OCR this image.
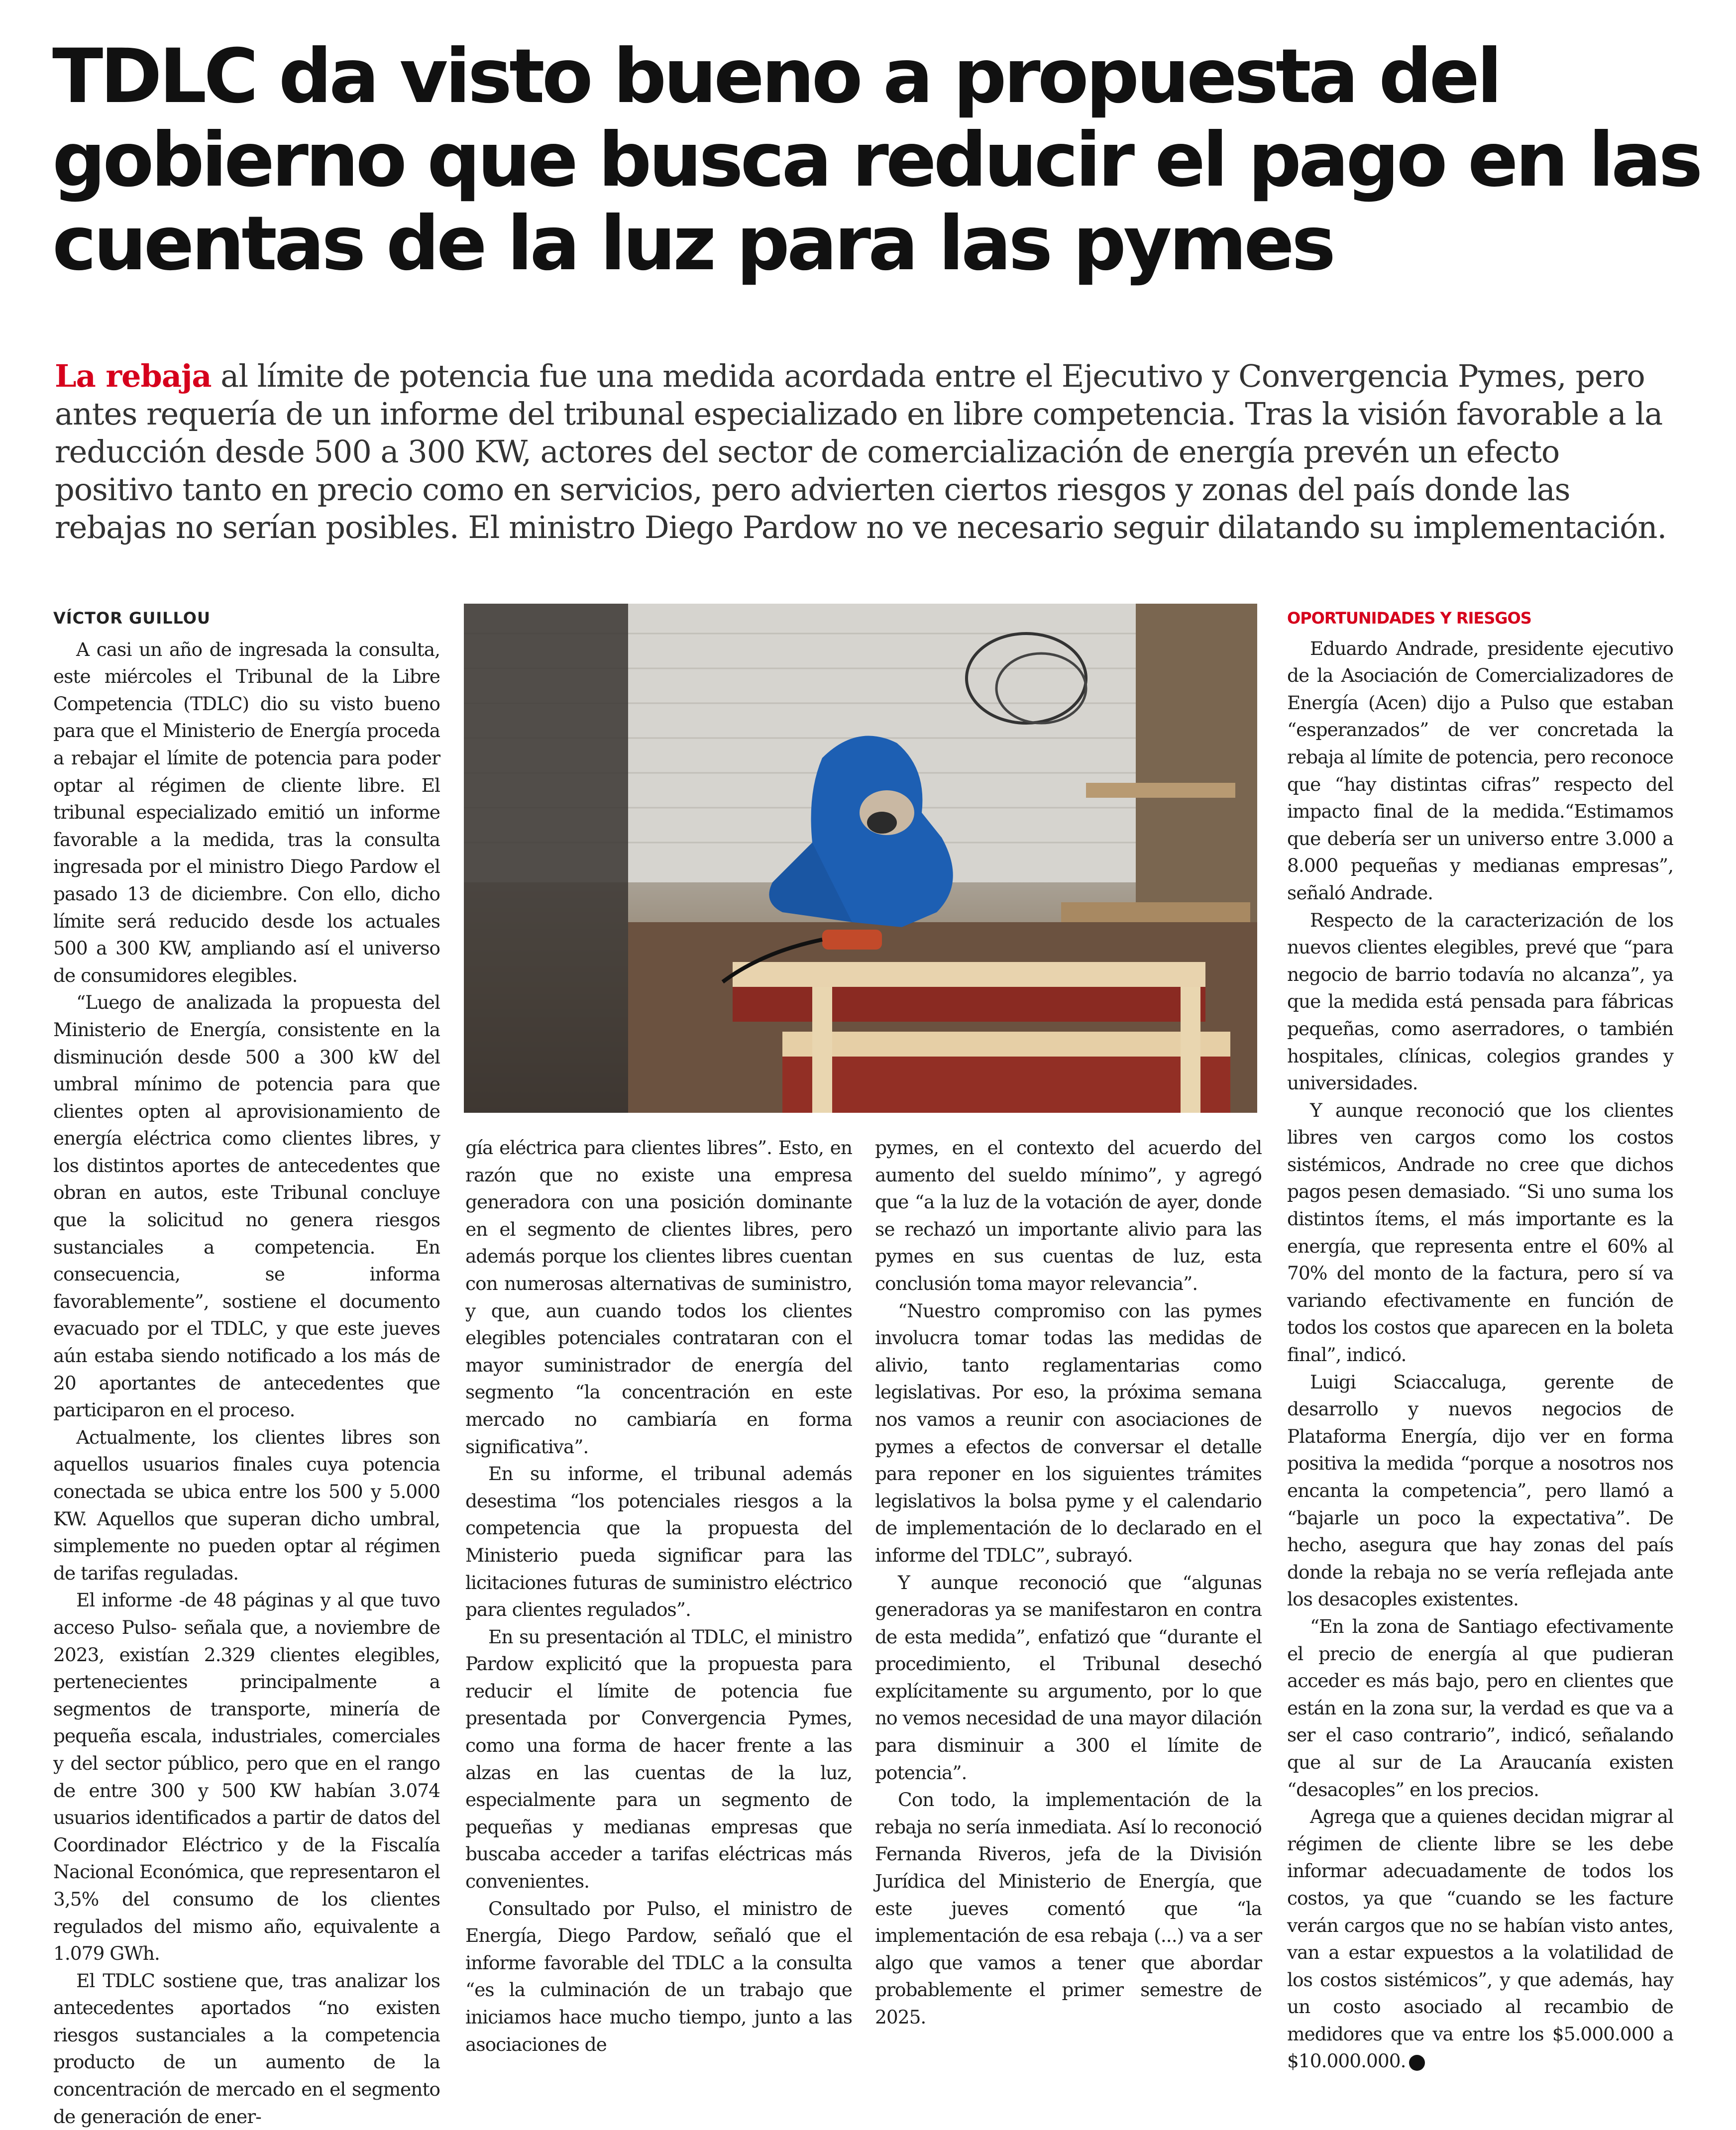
TDLC da visto bueno a propuesta del
gobierno que busca reducir el pago en las
cuentas de la luz para las pymes
La rebaja al límite de potencia fue una medida acordada entre el Ejecutivo y Convergencia Pymes, pero antes requería de un informe del tribunal especializado en libre competencia. Tras la visión favorable a la reducción desde 500 a 300 KW, actores del sector de comercialización de energía prevén un efecto positivo tanto en precio como en servicios, pero advierten ciertos riesgos y zonas del país donde las rebajas no serían posibles. El ministro Diego Pardow no ve necesario seguir dilatando su implementación.
VÍCTOR GUILLOU

A casi un año de ingresada la consulta, este miércoles el Tribunal de la Libre Competencia (TDLC) dio su visto bueno para que el Ministerio de Energía proceda a rebajar el límite de potencia para poder optar al régimen de cliente libre. El tribunal especializado emitió un informe favorable a la medida, tras la consulta ingresada por el ministro Diego Pardow el pasado 13 de diciembre. Con ello, dicho límite será reducido desde los actuales 500 a 300 KW, ampliando así el universo de consumidores elegibles.

“Luego de analizada la propuesta del Ministerio de Energía, consistente en la disminución desde 500 a 300 kW del umbral mínimo de potencia para que clientes opten al aprovisionamiento de energía eléctrica como clientes libres, y los distintos aportes de antecedentes que obran en autos, este Tribunal concluye que la solicitud no genera riesgos sustanciales a competencia. En consecuencia, se informa favorablemente”, sostiene el documento evacuado por el TDLC, y que este jueves aún estaba siendo notificado a los más de 20 aportantes de antecedentes que participaron en el proceso.

Actualmente, los clientes libres son aquellos usuarios finales cuya potencia conectada se ubica entre los 500 y 5.000 KW. Aquellos que superan dicho umbral, simplemente no pueden optar al régimen de tarifas reguladas.

El informe -de 48 páginas y al que tuvo acceso Pulso- señala que, a noviembre de 2023, existían 2.329 clientes elegibles, pertenecientes principalmente a segmentos de transporte, minería de pequeña escala, industriales, comerciales y del sector público, pero que en el rango de entre 300 y 500 KW habían 3.074 usuarios identificados a partir de datos del Coordinador Eléctrico y de la Fiscalía Nacional Económica, que representaron el 3,5% del consumo de los clientes regulados del mismo año, equivalente a 1.079 GWh.

El TDLC sostiene que, tras analizar los antecedentes aportados “no existen riesgos sustanciales a la competencia producto de un aumento de la concentración de mercado en el segmento de generación de ener-

gía eléctrica para clientes libres”. Esto, en razón que no existe una empresa generadora con una posición dominante en el segmento de clientes libres, pero además porque los clientes libres cuentan con numerosas alternativas de suministro, y que, aun cuando todos los clientes elegibles potenciales contrataran con el mayor suministrador de energía del segmento “la concentración en este mercado no cambiaría en forma significativa”.

En su informe, el tribunal además desestima “los potenciales riesgos a la competencia que la propuesta del Ministerio pueda significar para las licitaciones futuras de suministro eléctrico para clientes regulados”.

En su presentación al TDLC, el ministro Pardow explicitó que la propuesta para reducir el límite de potencia fue presentada por Convergencia Pymes, como una forma de hacer frente a las alzas en las cuentas de la luz, especialmente para un segmento de pequeñas y medianas empresas que buscaba acceder a tarifas eléctricas más convenientes.

Consultado por Pulso, el ministro de Energía, Diego Pardow, señaló que el informe favorable del TDLC a la consulta “es la culminación de un trabajo que iniciamos hace mucho tiempo, junto a las asociaciones de

pymes, en el contexto del acuerdo del aumento del sueldo mínimo”, y agregó que “a la luz de la votación de ayer, donde se rechazó un importante alivio para las pymes en sus cuentas de luz, esta conclusión toma mayor relevancia”.

“Nuestro compromiso con las pymes involucra tomar todas las medidas de alivio, tanto reglamentarias como legislativas. Por eso, la próxima semana nos vamos a reunir con asociaciones de pymes a efectos de conversar el detalle para reponer en los siguientes trámites legislativos la bolsa pyme y el calendario de implementación de lo declarado en el informe del TDLC”, subrayó.

Y aunque reconoció que “algunas generadoras ya se manifestaron en contra de esta medida”, enfatizó que “durante el procedimiento, el Tribunal desechó explícitamente su argumento, por lo que no vemos necesidad de una mayor dilación para disminuir a 300 el límite de potencia”.

Con todo, la implementación de la rebaja no sería inmediata. Así lo reconoció Fernanda Riveros, jefa de la División Jurídica del Ministerio de Energía, que este jueves comentó que “la implementación de esa rebaja (...) va a ser algo que vamos a tener que abordar probablemente el primer semestre de 2025.

OPORTUNIDADES Y RIESGOS

Eduardo Andrade, presidente ejecutivo de la Asociación de Comercializadores de Energía (Acen) dijo a Pulso que estaban “esperanzados” de ver concretada la rebaja al límite de potencia, pero reconoce que “hay distintas cifras” respecto del impacto final de la medida.“Estimamos que debería ser un universo entre 3.000 a 8.000 pequeñas y medianas empresas”, señaló Andrade.

Respecto de la caracterización de los nuevos clientes elegibles, prevé que “para negocio de barrio todavía no alcanza”, ya que la medida está pensada para fábricas pequeñas, como aserradores, o también hospitales, clínicas, colegios grandes y universidades.

Y aunque reconoció que los clientes libres ven cargos como los costos sistémicos, Andrade no cree que dichos pagos pesen demasiado. “Si uno suma los distintos ítems, el más importante es la energía, que representa entre el 60% al 70% del monto de la factura, pero sí va variando efectivamente en función de todos los costos que aparecen en la boleta final”, indicó.

Luigi Sciaccaluga, gerente de desarrollo y nuevos negocios de Plataforma Energía, dijo ver en forma positiva la medida “porque a nosotros nos encanta la competencia”, pero llamó a “bajarle un poco la expectativa”. De hecho, asegura que hay zonas del país donde la rebaja no se vería reflejada ante los desacoples existentes.

“En la zona de Santiago efectivamente el precio de energía al que pudieran acceder es más bajo, pero en clientes que están en la zona sur, la verdad es que va a ser el caso contrario”, indicó, señalando que al sur de La Araucanía existen “desacoples” en los precios.

Agrega que a quienes decidan migrar al régimen de cliente libre se les debe informar adecuadamente de todos los costos, ya que “cuando se les facture verán cargos que no se habían visto antes, van a estar expuestos a la volatilidad de los costos sistémicos”, y que además, hay un costo asociado al recambio de medidores que va entre los $5.000.000 a $10.000.000. P
